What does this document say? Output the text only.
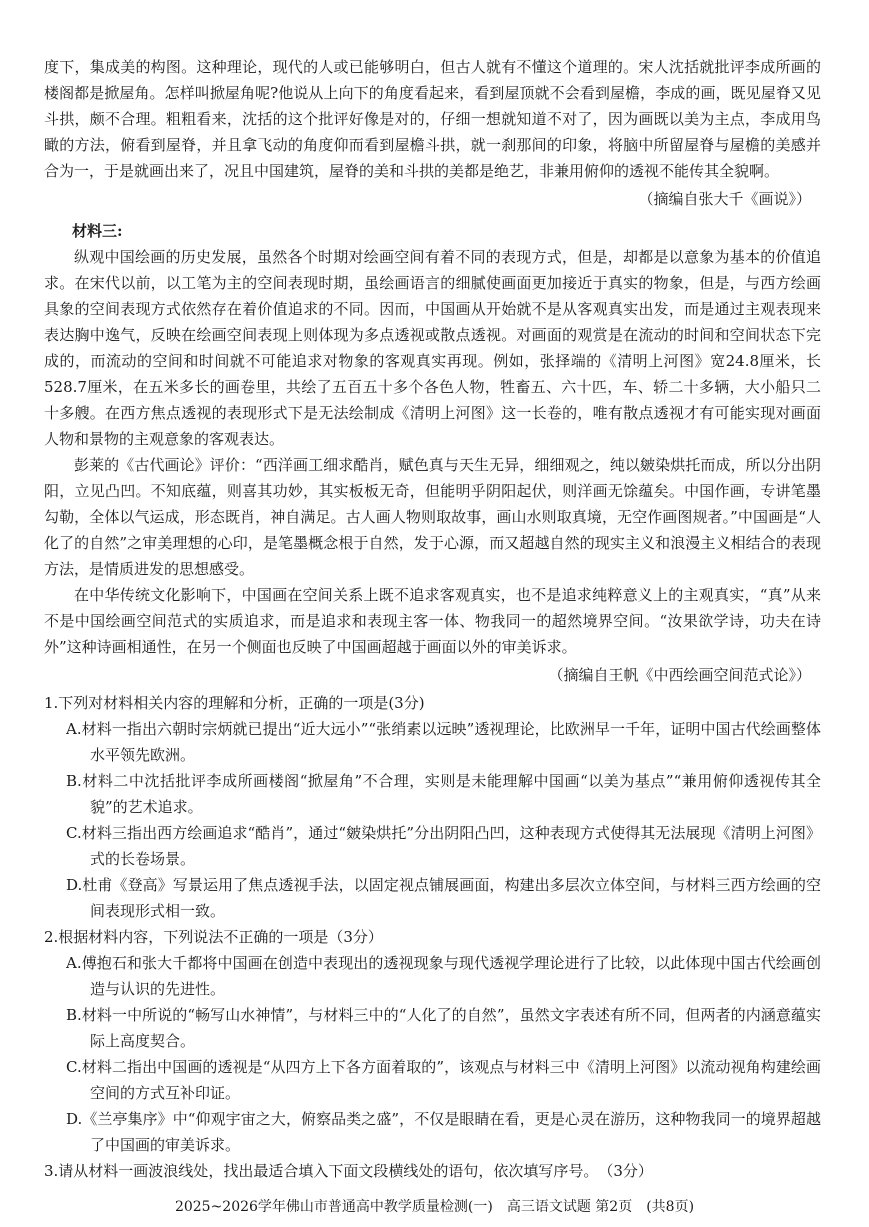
度下，集成美的构图。这种理论，现代的人或已能够明白，但古人就有不懂这个道理的。宋人沈括就批评李成所画的楼阁都是掀屋角。怎样叫掀屋角呢?他说从上向下的角度看起来，看到屋顶就不会看到屋檐，李成的画，既见屋脊又见斗拱，颇不合理。粗粗看来，沈括的这个批评好像是对的，仔细一想就知道不对了，因为画既以美为主点，李成用鸟瞰的方法，俯看到屋脊，并且拿飞动的角度仰而看到屋檐斗拱，就一刹那间的印象，将脑中所留屋脊与屋檐的美感并合为一，于是就画出来了，况且中国建筑，屋脊的美和斗拱的美都是绝艺，非兼用俯仰的透视不能传其全貌啊。

（摘编自张大千《画说》）

材料三:

纵观中国绘画的历史发展，虽然各个时期对绘画空间有着不同的表现方式，但是，却都是以意象为基本的价值追求。在宋代以前，以工笔为主的空间表现时期，虽绘画语言的细腻使画面更加接近于真实的物象，但是，与西方绘画具象的空间表现方式依然存在着价值追求的不同。因而，中国画从开始就不是从客观真实出发，而是通过主观表现来表达胸中逸气，反映在绘画空间表现上则体现为多点透视或散点透视。对画面的观赏是在流动的时间和空间状态下完成的，而流动的空间和时间就不可能追求对物象的客观真实再现。例如，张择端的《清明上河图》宽24.8厘米，长528.7厘米，在五米多长的画卷里，共绘了五百五十多个各色人物，牲畜五、六十匹，车、轿二十多辆，大小船只二十多艘。在西方焦点透视的表现形式下是无法绘制成《清明上河图》这一长卷的，唯有散点透视才有可能实现对画面人物和景物的主观意象的客观表达。

彭莱的《古代画论》评价：“西洋画工细求酷肖，赋色真与天生无异，细细观之，纯以皴染烘托而成，所以分出阴阳，立见凸凹。不知底蕴，则喜其功妙，其实板板无奇，但能明乎阴阳起伏，则洋画无馀蕴矣。中国作画，专讲笔墨勾勒，全体以气运成，形态既肖，神自满足。古人画人物则取故事，画山水则取真境，无空作画图规者。”中国画是“人化了的自然”之审美理想的心印，是笔墨概念根于自然，发于心源，而又超越自然的现实主义和浪漫主义相结合的表现方法，是情质进发的思想感受。

在中华传统文化影响下，中国画在空间关系上既不追求客观真实，也不是追求纯粹意义上的主观真实，“真”从来不是中国绘画空间范式的实质追求，而是追求和表现主客一体、物我同一的超然境界空间。“汝果欲学诗，功夫在诗外”这种诗画相通性，在另一个侧面也反映了中国画超越于画面以外的审美诉求。

（摘编自王帆《中西绘画空间范式论》）

1.下列对材料相关内容的理解和分析，正确的一项是(3分)

A.材料一指出六朝时宗炳就已提出“近大远小”“张绡素以远映”透视理论，比欧洲早一千年，证明中国古代绘画整体水平领先欧洲。

B.材料二中沈括批评李成所画楼阁“掀屋角”不合理，实则是未能理解中国画“以美为基点”“兼用俯仰透视传其全貌”的艺术追求。

C.材料三指出西方绘画追求“酷肖”，通过“皴染烘托”分出阴阳凸凹，这种表现方式使得其无法展现《清明上河图》式的长卷场景。

D.杜甫《登高》写景运用了焦点透视手法，以固定视点铺展画面，构建出多层次立体空间，与材料三西方绘画的空间表现形式相一致。

2.根据材料内容，下列说法不正确的一项是（3分）

A.傅抱石和张大千都将中国画在创造中表现出的透视现象与现代透视学理论进行了比较，以此体现中国古代绘画创造与认识的先进性。

B.材料一中所说的“畅写山水神情”，与材料三中的“人化了的自然”，虽然文字表述有所不同，但两者的内涵意蕴实际上高度契合。

C.材料二指出中国画的透视是“从四方上下各方面着取的”，该观点与材料三中《清明上河图》以流动视角构建绘画空间的方式互补印证。

D.《兰亭集序》中“仰观宇宙之大，俯察品类之盛”，不仅是眼睛在看，更是心灵在游历，这种物我同一的境界超越了中国画的审美诉求。

3.请从材料一画波浪线处，找出最适合填入下面文段横线处的语句，依次填写序号。　（3分）

2025~2026学年佛山市普通高中教学质量检测(一)　高三语文试题 第2页　(共8页)
